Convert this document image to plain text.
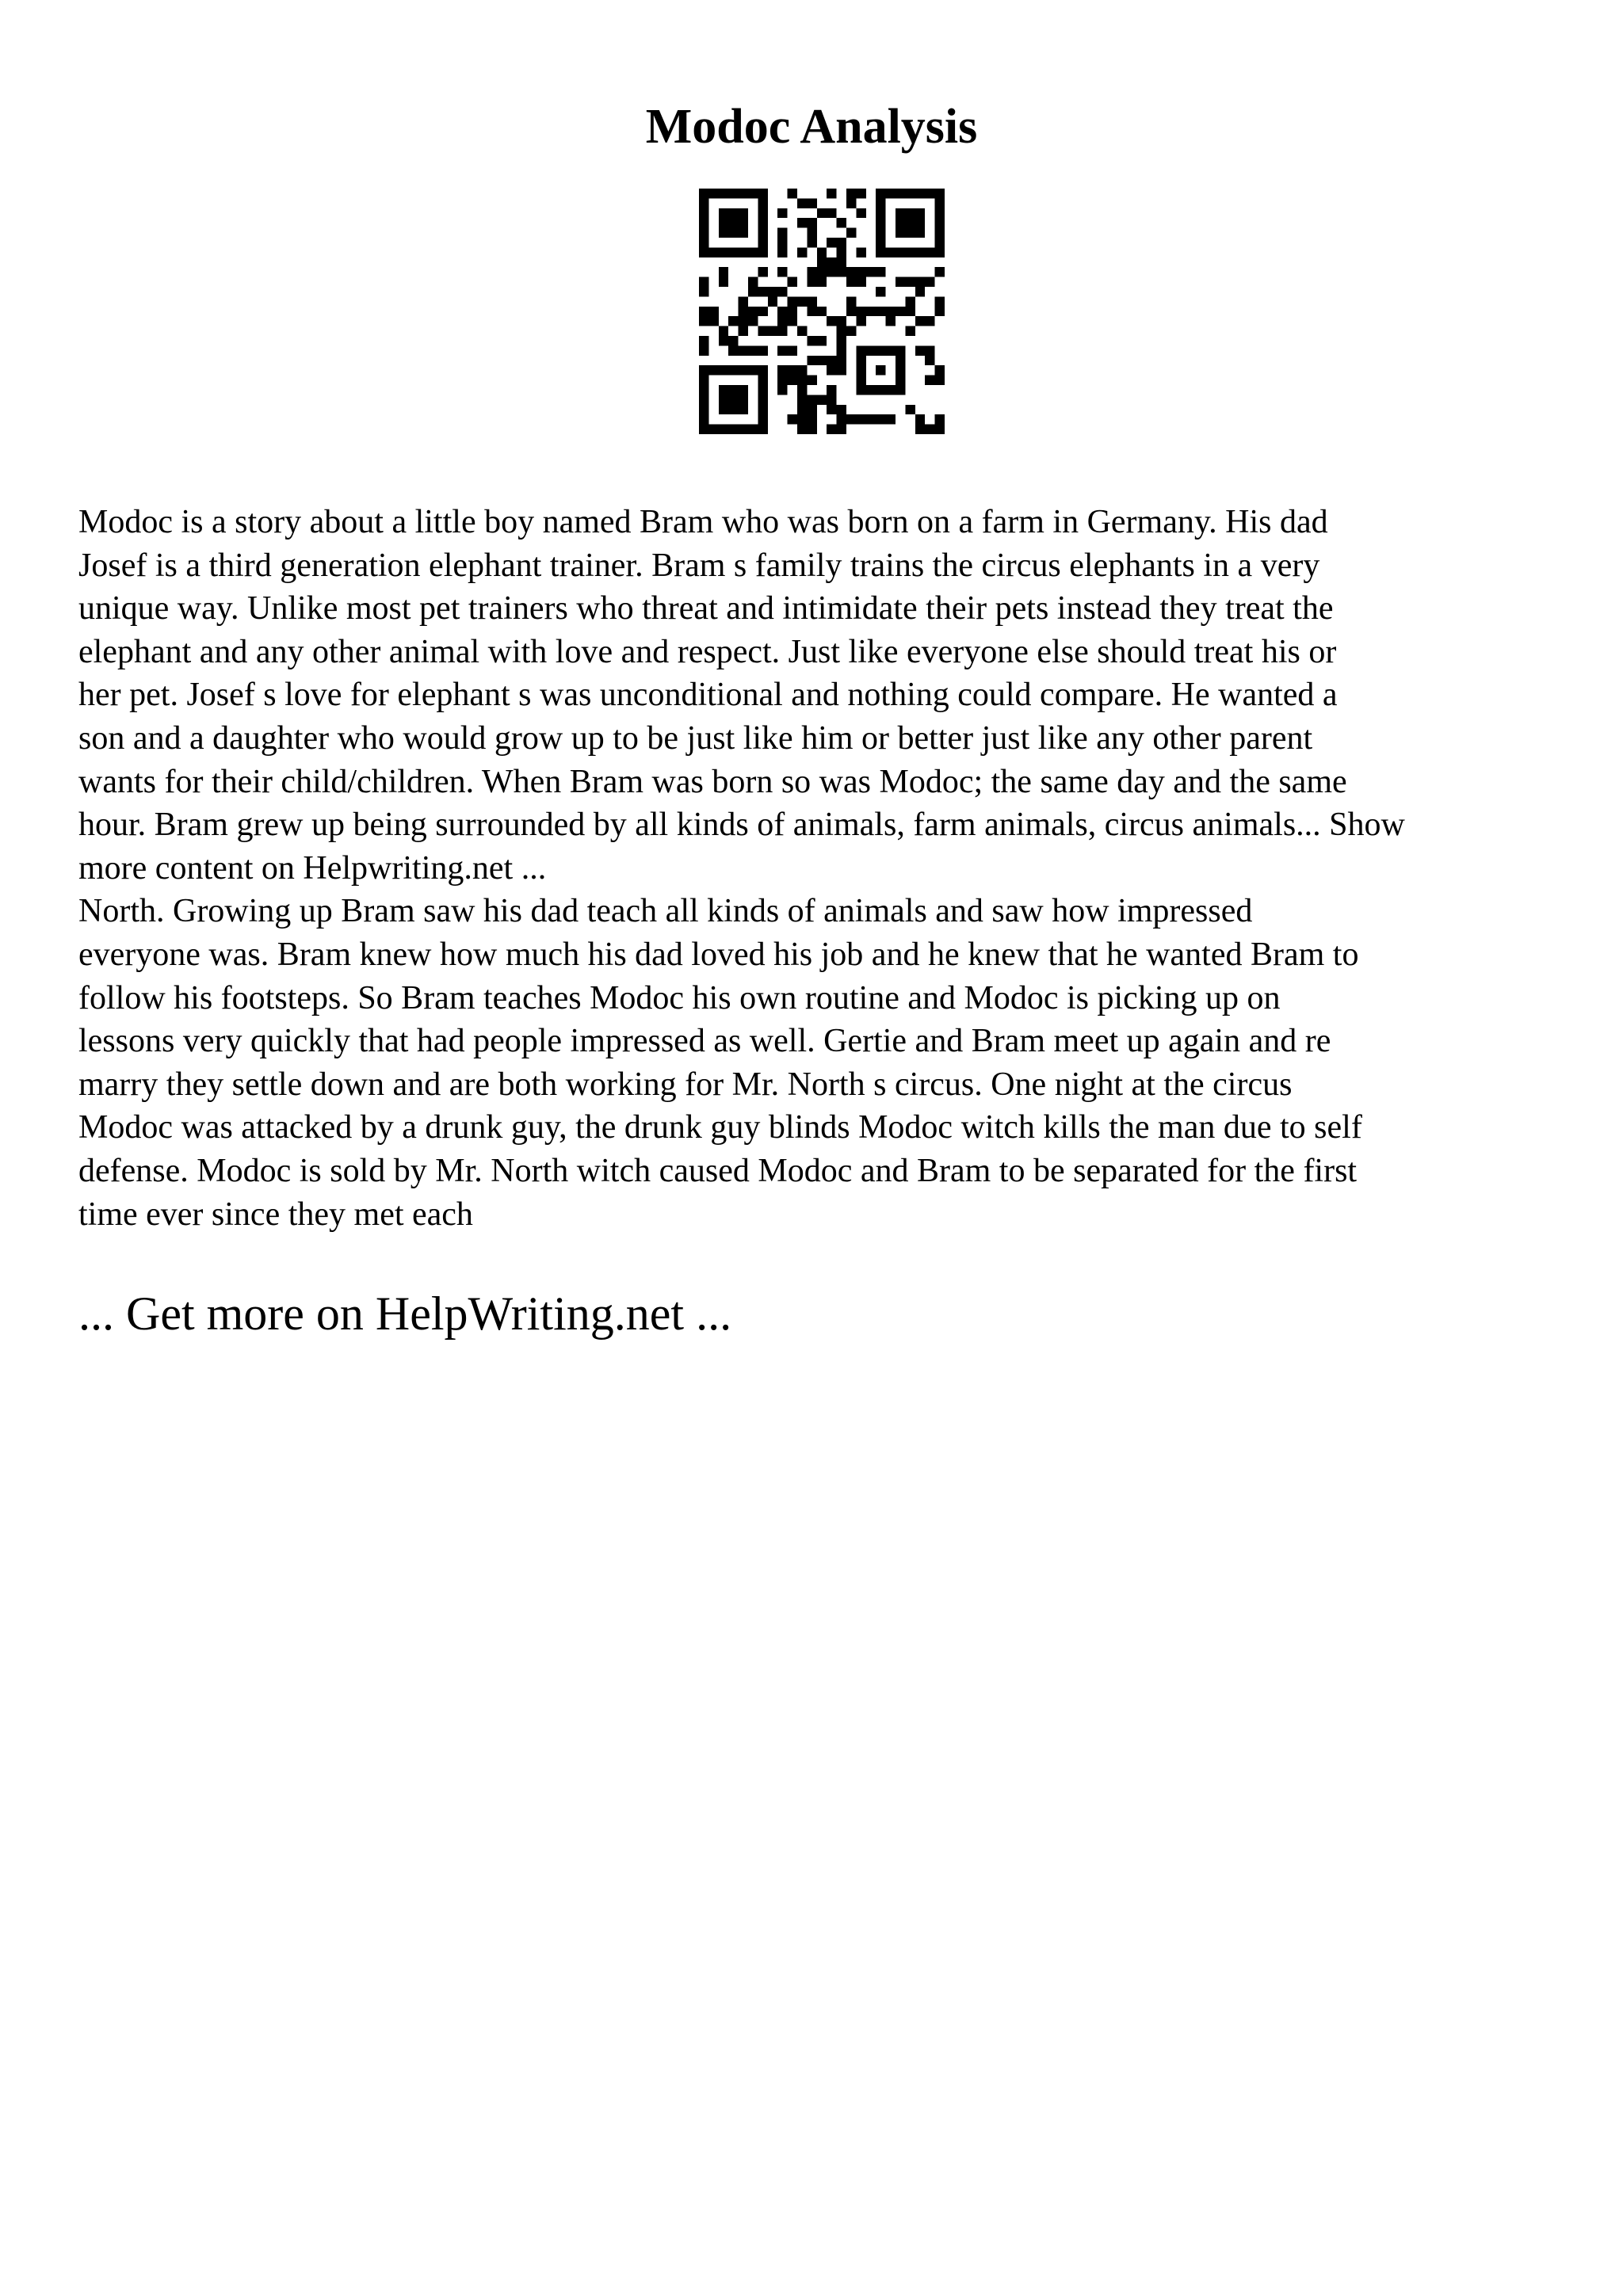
Modoc Analysis

Modoc is a story about a little boy named Bram who was born on a farm in Germany. His dad
Josef is a third generation elephant trainer. Bram s family trains the circus elephants in a very
unique way. Unlike most pet trainers who threat and intimidate their pets instead they treat the
elephant and any other animal with love and respect. Just like everyone else should treat his or
her pet. Josef s love for elephant s was unconditional and nothing could compare. He wanted a
son and a daughter who would grow up to be just like him or better just like any other parent
wants for their child/children. When Bram was born so was Modoc; the same day and the same
hour. Bram grew up being surrounded by all kinds of animals, farm animals, circus animals... Show
more content on Helpwriting.net ...
North. Growing up Bram saw his dad teach all kinds of animals and saw how impressed
everyone was. Bram knew how much his dad loved his job and he knew that he wanted Bram to
follow his footsteps. So Bram teaches Modoc his own routine and Modoc is picking up on
lessons very quickly that had people impressed as well. Gertie and Bram meet up again and re
marry they settle down and are both working for Mr. North s circus. One night at the circus
Modoc was attacked by a drunk guy, the drunk guy blinds Modoc witch kills the man due to self
defense. Modoc is sold by Mr. North witch caused Modoc and Bram to be separated for the first
time ever since they met each

... Get more on HelpWriting.net ...
